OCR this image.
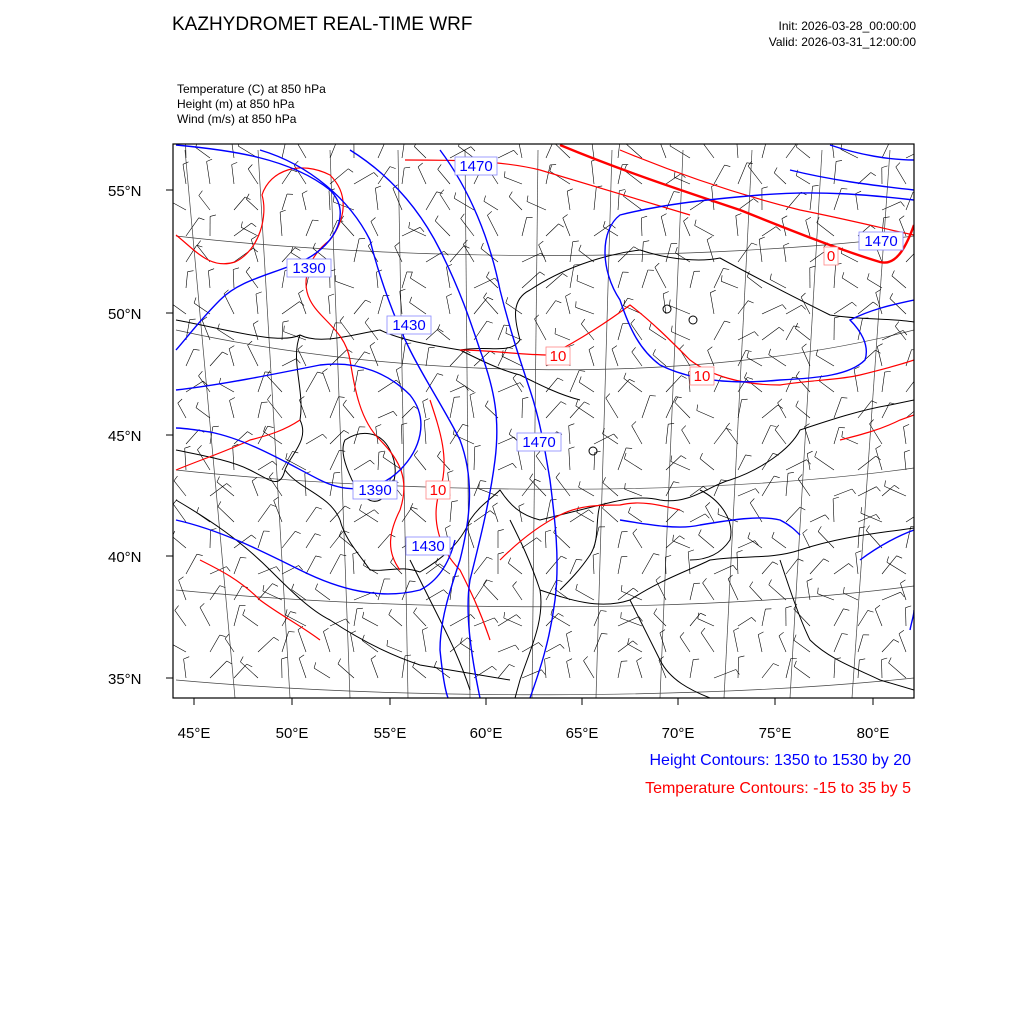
KAZHYDROMET REAL-TIME WRF	Init: 2026-03-28_00:00:00
Valid: 2026-03-31_12:00:00
Temperature (C) at 850 hPa
Height (m) at 850 hPa
Wind (m/s) at 850 hPa
55°N
50°N
45°N
40°N
35°N
45°E	50°E	55°E	60°E	65°E	70°E	75°E	80°E
1470
1470
1390
1430
1470
1390
1430
0
10
10
10
Height Contours: 1350 to 1530 by 20
Temperature Contours: -15 to 35 by 5
